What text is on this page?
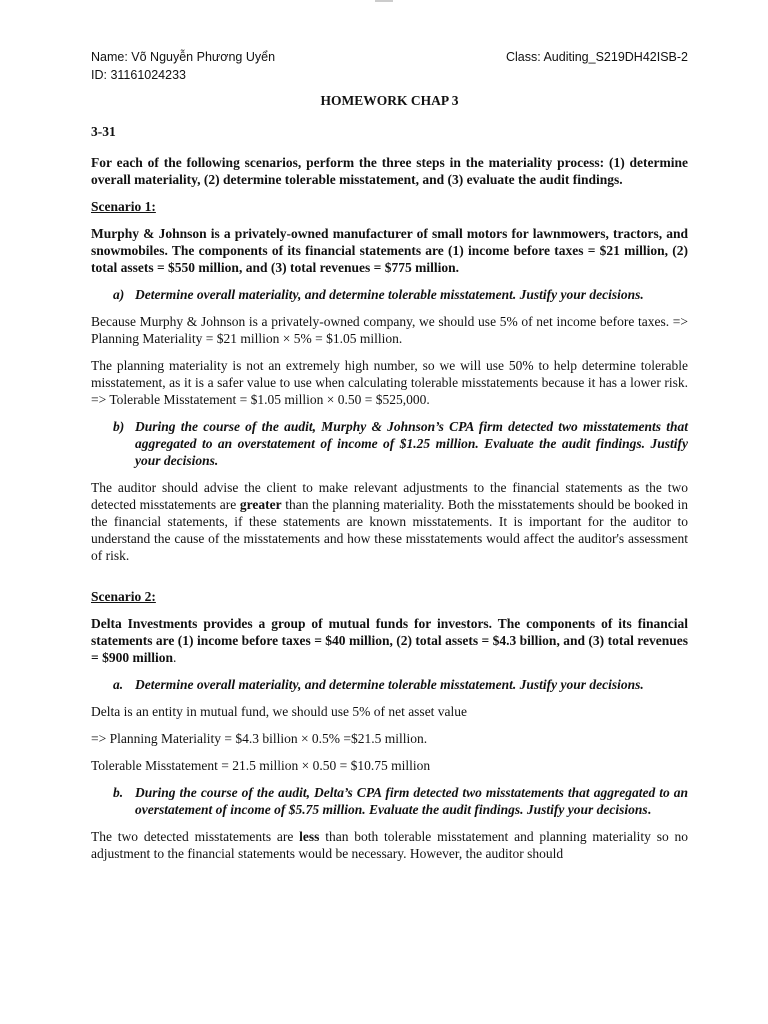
Name: Võ Nguyễn Phương Uyển	Class: Auditing_S219DH42ISB-2
ID: 31161024233
HOMEWORK CHAP 3
3-31

For each of the following scenarios, perform the three steps in the materiality process: (1) determine overall materiality, (2) determine tolerable misstatement, and (3) evaluate the audit findings.

Scenario 1:

Murphy & Johnson is a privately-owned manufacturer of small motors for lawnmowers, tractors, and snowmobiles. The components of its financial statements are (1) income before taxes = $21 million, (2) total assets = $550 million, and (3) total revenues = $775 million.

a) Determine overall materiality, and determine tolerable misstatement. Justify your decisions.

Because Murphy & Johnson is a privately-owned company, we should use 5% of net income before taxes. => Planning Materiality = $21 million × 5% = $1.05 million.

The planning materiality is not an extremely high number, so we will use 50% to help determine tolerable misstatement, as it is a safer value to use when calculating tolerable misstatements because it has a lower risk. => Tolerable Misstatement = $1.05 million × 0.50 = $525,000.

b) During the course of the audit, Murphy & Johnson’s CPA firm detected two misstatements that aggregated to an overstatement of income of $1.25 million. Evaluate the audit findings. Justify your decisions.

The auditor should advise the client to make relevant adjustments to the financial statements as the two detected misstatements are greater than the planning materiality. Both the misstatements should be booked in the financial statements, if these statements are known misstatements. It is important for the auditor to understand the cause of the misstatements and how these misstatements would affect the auditor's assessment of risk.

Scenario 2:

Delta Investments provides a group of mutual funds for investors. The components of its financial statements are (1) income before taxes = $40 million, (2) total assets = $4.3 billion, and (3) total revenues = $900 million.

a. Determine overall materiality, and determine tolerable misstatement. Justify your decisions.

Delta is an entity in mutual fund, we should use 5% of net asset value

=> Planning Materiality = $4.3 billion × 0.5% =$21.5 million.

Tolerable Misstatement = 21.5 million × 0.50 = $10.75 million

b. During the course of the audit, Delta’s CPA firm detected two misstatements that aggregated to an overstatement of income of $5.75 million. Evaluate the audit findings. Justify your decisions.

The two detected misstatements are less than both tolerable misstatement and planning materiality so no adjustment to the financial statements would be necessary. However, the auditor should
